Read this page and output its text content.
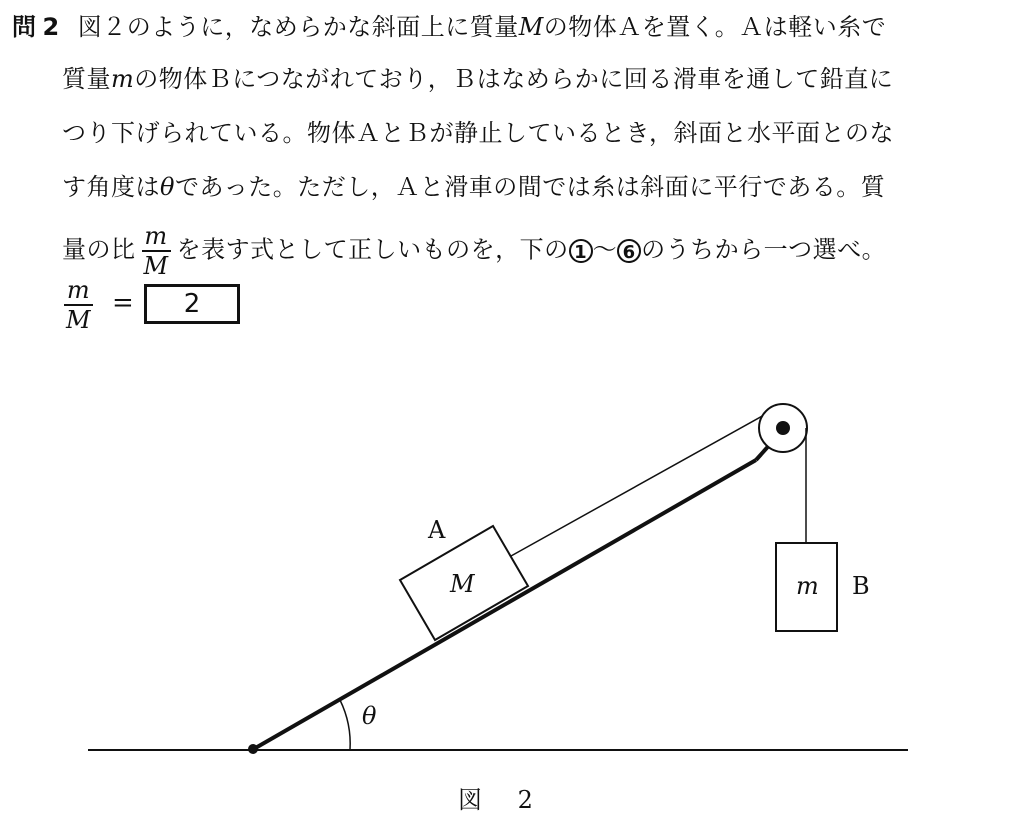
問 2 図２のように，なめらかな斜面上に質量Mの物体Ａを置く。Ａは軽い糸で
質量mの物体Ｂにつながれており，Ｂはなめらかに回る滑車を通して鉛直に
つり下げられている。物体ＡとＢが静止しているとき，斜面と水平面とのな
す角度はθであった。ただし，Ａと滑車の間では糸は斜面に平行である。質
量の比 $\frac{m}{M}$ を表す式として正しいものを，下の 1 ～ 6 のうちから一つ選べ。
m
M
=	2
θ
A
M	m B
図 2
